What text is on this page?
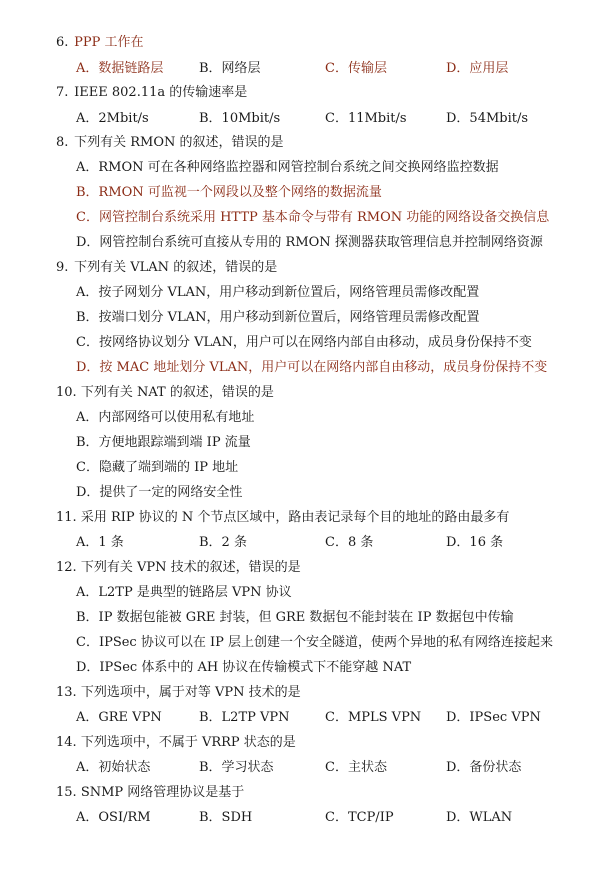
6. PPP 工作在
A．数据链路层	B．网络层	C．传输层	D．应用层
7. IEEE 802.11a 的传输速率是
A．2Mbit/s	B．10Mbit/s	C．11Mbit/s	D．54Mbit/s
8. 下列有关 RMON 的叙述，错误的是
A．RMON 可在各种网络监控器和网管控制台系统之间交换网络监控数据
B．RMON 可监视一个网段以及整个网络的数据流量
C．网管控制台系统采用 HTTP 基本命令与带有 RMON 功能的网络设备交换信息
D．网管控制台系统可直接从专用的 RMON 探测器获取管理信息并控制网络资源
9. 下列有关 VLAN 的叙述，错误的是
A．按子网划分 VLAN，用户移动到新位置后，网络管理员需修改配置
B．按端口划分 VLAN，用户移动到新位置后，网络管理员需修改配置
C．按网络协议划分 VLAN，用户可以在网络内部自由移动，成员身份保持不变
D．按 MAC 地址划分 VLAN，用户可以在网络内部自由移动，成员身份保持不变
10. 下列有关 NAT 的叙述，错误的是
A．内部网络可以使用私有地址
B．方便地跟踪端到端 IP 流量
C．隐藏了端到端的 IP 地址
D．提供了一定的网络安全性
11. 采用 RIP 协议的 N 个节点区域中，路由表记录每个目的地址的路由最多有
A．1 条	B．2 条	C．8 条	D．16 条
12. 下列有关 VPN 技术的叙述，错误的是
A．L2TP 是典型的链路层 VPN 协议
B．IP 数据包能被 GRE 封装，但 GRE 数据包不能封装在 IP 数据包中传输
C．IPSec 协议可以在 IP 层上创建一个安全隧道，使两个异地的私有网络连接起来
D．IPSec 体系中的 AH 协议在传输模式下不能穿越 NAT
13. 下列选项中，属于对等 VPN 技术的是
A．GRE VPN	B．L2TP VPN	C．MPLS VPN D．IPSec VPN
14. 下列选项中，不属于 VRRP 状态的是
A．初始状态	B．学习状态	C．主状态	D．备份状态
15. SNMP 网络管理协议是基于
A．OSI/RM	B．SDH	C．TCP/IP	D．WLAN
